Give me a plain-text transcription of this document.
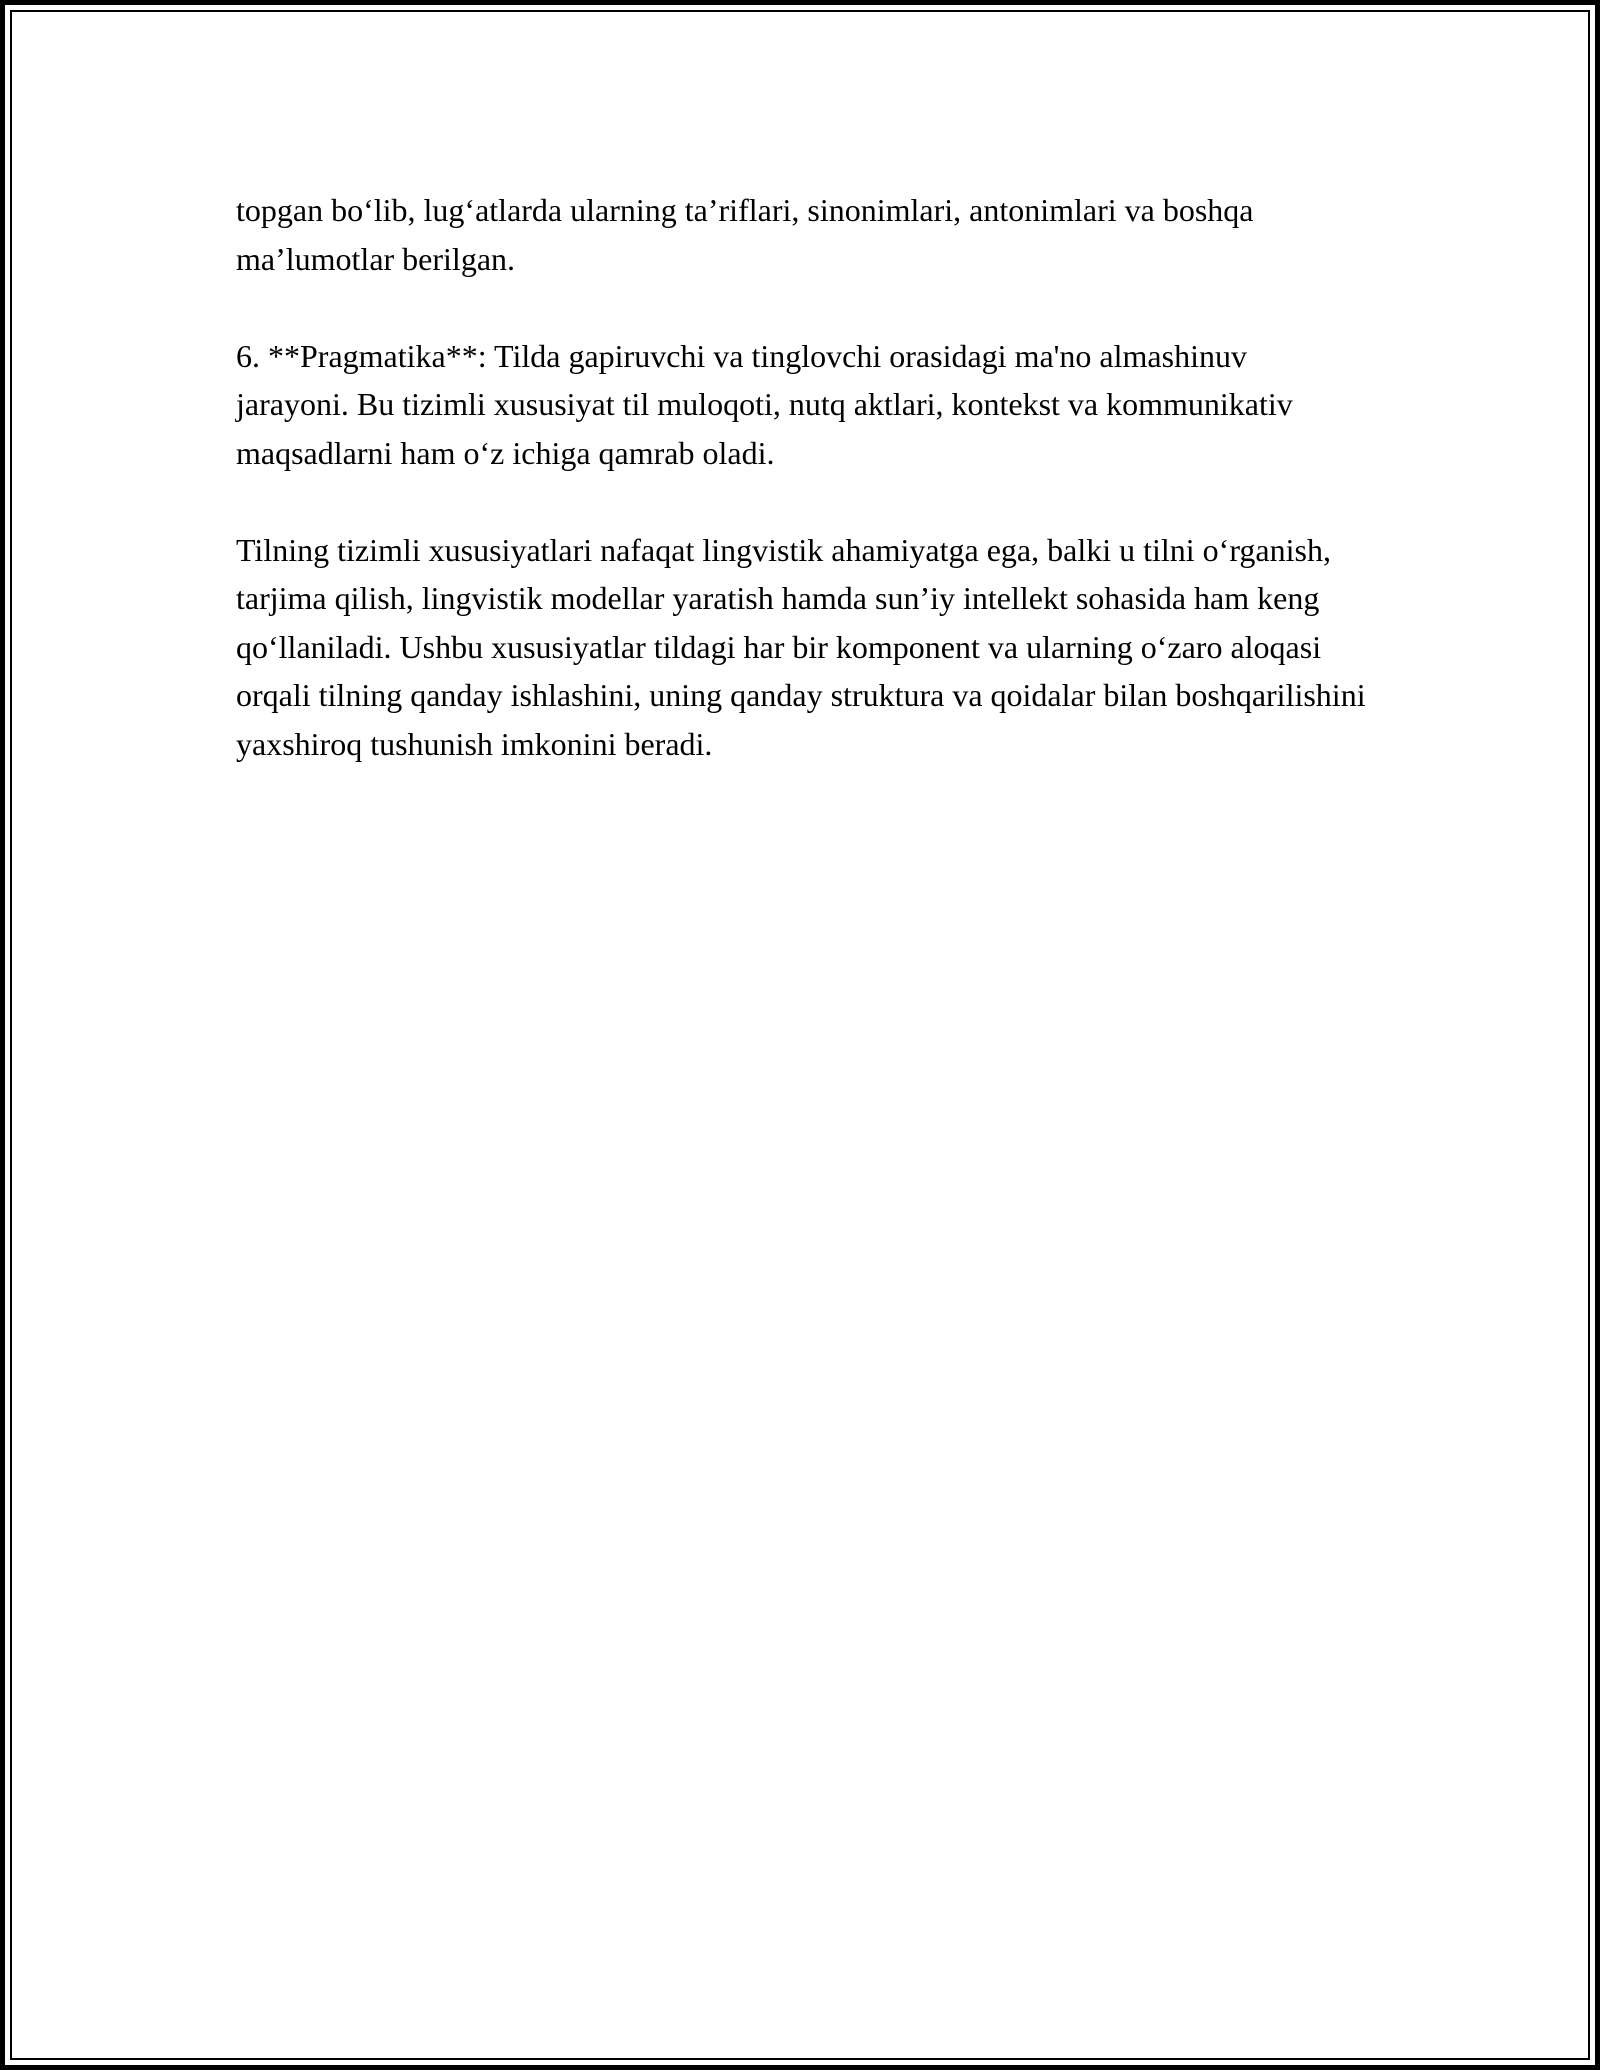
topgan bo‘lib, lug‘atlarda ularning ta’riflari, sinonimlari, antonimlari va boshqa ma’lumotlar berilgan.

6. **Pragmatika**: Tilda gapiruvchi va tinglovchi orasidagi ma'no almashinuv jarayoni. Bu tizimli xususiyat til muloqoti, nutq aktlari, kontekst va kommunikativ maqsadlarni ham o‘z ichiga qamrab oladi.

Tilning tizimli xususiyatlari nafaqat lingvistik ahamiyatga ega, balki u tilni o‘rganish, tarjima qilish, lingvistik modellar yaratish hamda sun’iy intellekt sohasida ham keng qo‘llaniladi. Ushbu xususiyatlar tildagi har bir komponent va ularning o‘zaro aloqasi orqali tilning qanday ishlashini, uning qanday struktura va qoidalar bilan boshqarilishini yaxshiroq tushunish imkonini beradi.
